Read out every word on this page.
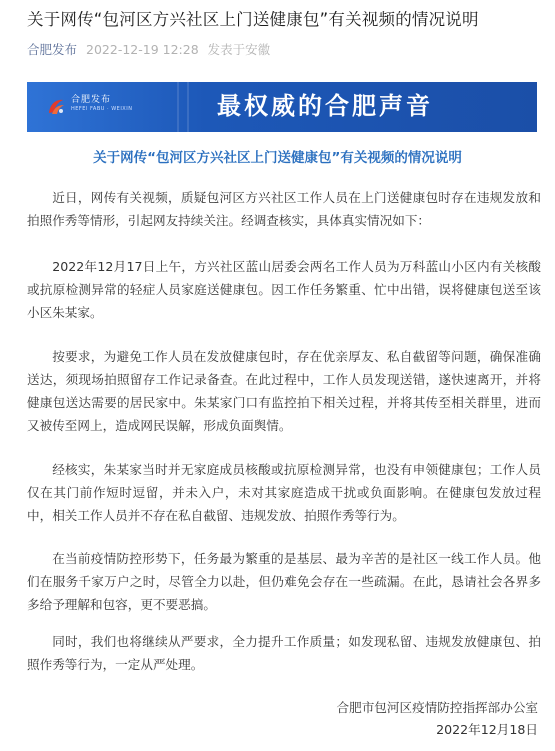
关于网传“包河区方兴社区上门送健康包”有关视频的情况说明
合肥发布 2022-12-19 12:28 发表于安徽
合肥发布
HEFEI FABU · WEIXIN	最权威的合肥声音
关于网传“包河区方兴社区上门送健康包”有关视频的情况说明

近日，网传有关视频，质疑包河区方兴社区工作人员在上门送健康包时存在违规发放和拍照作秀等情形，引起网友持续关注。经调查核实，具体真实情况如下：

2022年12月17日上午，方兴社区蓝山居委会两名工作人员为万科蓝山小区内有关核酸或抗原检测异常的轻症人员家庭送健康包。因工作任务繁重、忙中出错，误将健康包送至该小区朱某家。

按要求，为避免工作人员在发放健康包时，存在优亲厚友、私自截留等问题，确保准确送达，须现场拍照留存工作记录备查。在此过程中，工作人员发现送错，遂快速离开，并将健康包送达需要的居民家中。朱某家门口有监控拍下相关过程，并将其传至相关群里，进而又被传至网上，造成网民误解，形成负面舆情。

经核实，朱某家当时并无家庭成员核酸或抗原检测异常，也没有申领健康包；工作人员仅在其门前作短时逗留，并未入户，未对其家庭造成干扰或负面影响。在健康包发放过程中，相关工作人员并不存在私自截留、违规发放、拍照作秀等行为。

在当前疫情防控形势下，任务最为繁重的是基层、最为辛苦的是社区一线工作人员。他们在服务千家万户之时，尽管全力以赴，但仍难免会存在一些疏漏。在此，恳请社会各界多多给予理解和包容，更不要恶搞。

同时，我们也将继续从严要求，全力提升工作质量；如发现私留、违规发放健康包、拍照作秀等行为，一定从严处理。

合肥市包河区疫情防控指挥部办公室
2022年12月18日
